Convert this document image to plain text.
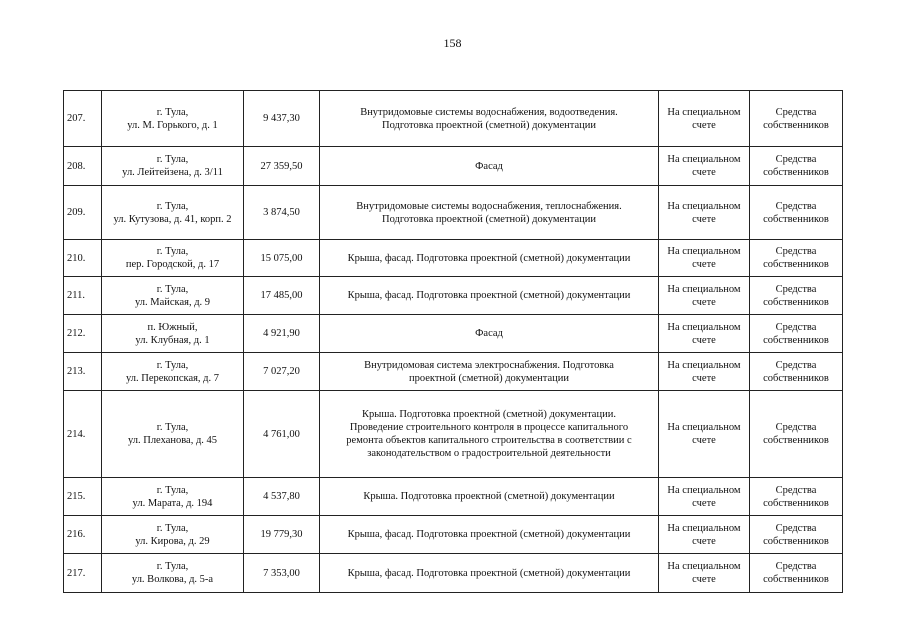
158
207.	г. Тула,
ул. М. Горького, д. 1	9 437,30	Внутридомовые системы водоснабжения, водоотведения.
Подготовка проектной (сметной) документации	На специальном
счете	Средства
собственников

208.	г. Тула,
ул. Лейтейзена, д. 3/11	27 359,50	Фасад	На специальном
счете	Средства
собственников

209.	г. Тула,
ул. Кутузова, д. 41, корп. 2	3 874,50	Внутридомовые системы водоснабжения, теплоснабжения.
Подготовка проектной (сметной) документации	На специальном
счете	Средства
собственников

210.	г. Тула,
пер. Городской, д. 17	15 075,00	Крыша, фасад. Подготовка проектной (сметной) документации	На специальном
счете	Средства
собственников

211.	г. Тула,
ул. Майская, д. 9	17 485,00	Крыша, фасад. Подготовка проектной (сметной) документации	На специальном
счете	Средства
собственников

212.	п. Южный,
ул. Клубная, д. 1	4 921,90	Фасад	На специальном
счете	Средства
собственников

213.	г. Тула,
ул. Перекопская, д. 7	7 027,20	Внутридомовая система электроснабжения. Подготовка
проектной (сметной) документации	На специальном
счете	Средства
собственников

214.	г. Тула,
ул. Плеханова, д. 45	4 761,00	Крыша. Подготовка проектной (сметной) документации.
Проведение строительного контроля в процессе капитального
ремонта объектов капитального строительства в соответствии с
законодательством о градостроительной деятельности	На специальном
счете	Средства
собственников

215.	г. Тула,
ул. Марата, д. 194	4 537,80	Крыша. Подготовка проектной (сметной) документации	На специальном
счете	Средства
собственников

216.	г. Тула,
ул. Кирова, д. 29	19 779,30	Крыша, фасад. Подготовка проектной (сметной) документации	На специальном
счете	Средства
собственников

217.	г. Тула,
ул. Волкова, д. 5-а	7 353,00	Крыша, фасад. Подготовка проектной (сметной) документации	На специальном
счете	Средства
собственников
